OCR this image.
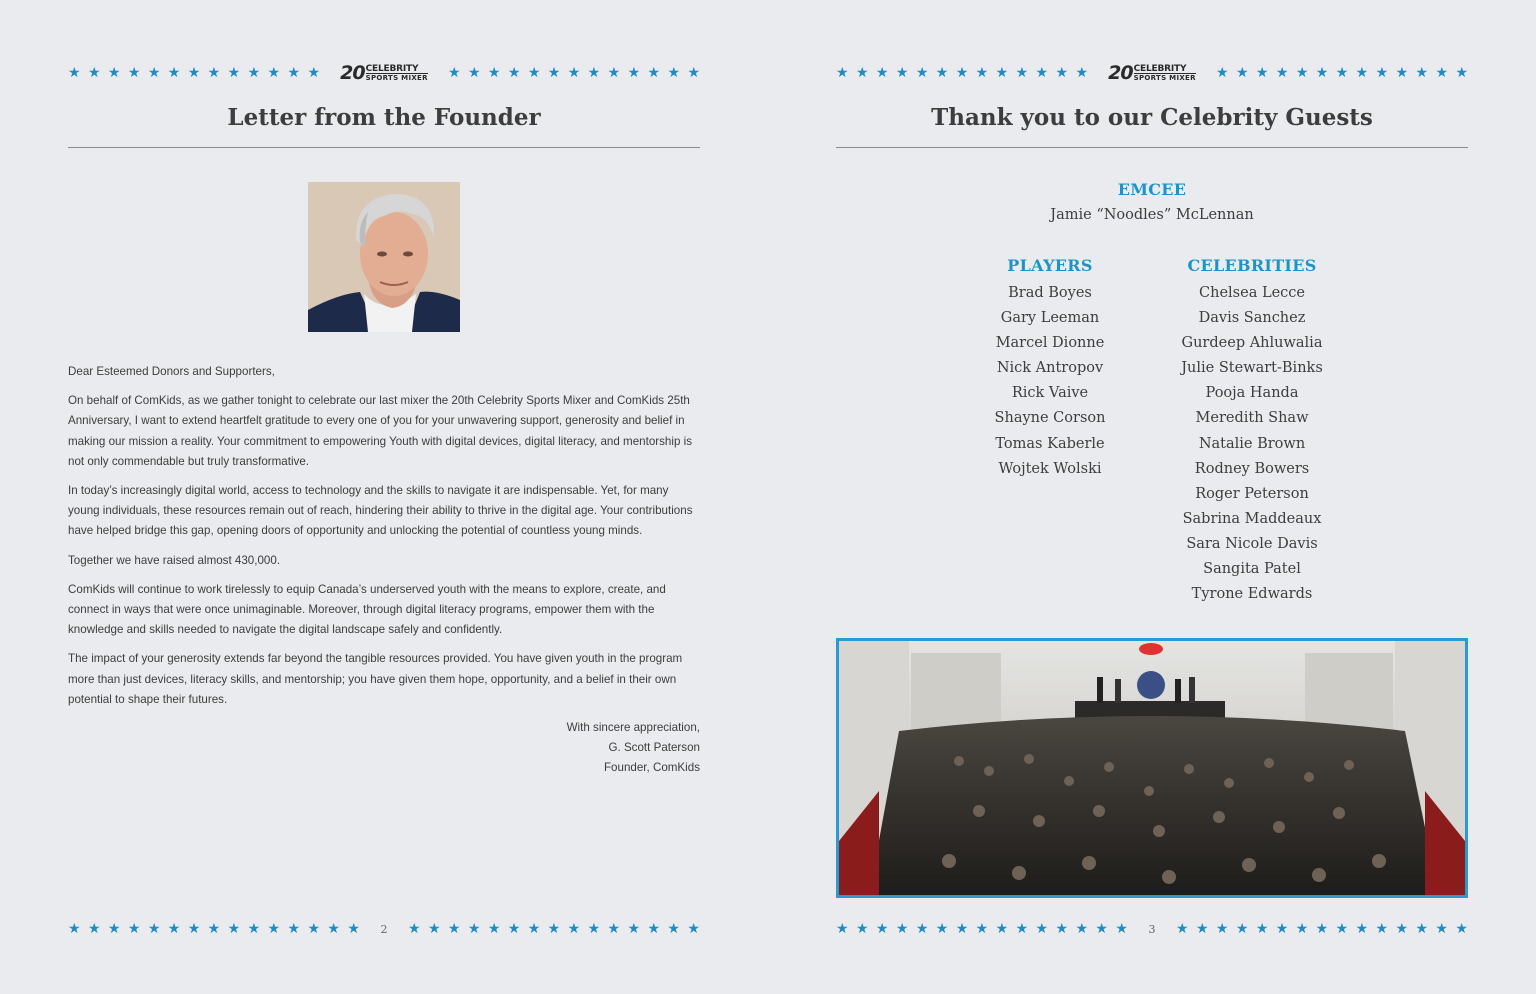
★ ★ ★ ★ ★ ★ ★ ★ ★ ★ ★ ★ ★ 20 CELEBRITY
SPORTS MIXER ★ ★ ★ ★ ★ ★ ★ ★ ★ ★ ★ ★ ★
Letter from the Founder

Dear Esteemed Donors and Supporters,

On behalf of ComKids, as we gather tonight to celebrate our last mixer the 20th Celebrity Sports Mixer and ComKids 25th Anniversary, I want to extend heartfelt gratitude to every one of you for your unwavering support, generosity and belief in making our mission a reality. Your commitment to empowering Youth with digital devices, digital literacy, and mentorship is not only commendable but truly transformative.

In today’s increasingly digital world, access to technology and the skills to navigate it are indispensable. Yet, for many young individuals, these resources remain out of reach, hindering their ability to thrive in the digital age. Your contributions have helped bridge this gap, opening doors of opportunity and unlocking the potential of countless young minds.

Together we have raised almost 430,000.

ComKids will continue to work tirelessly to equip Canada’s underserved youth with the means to explore, create, and connect in ways that were once unimaginable. Moreover, through digital literacy programs, empower them with the knowledge and skills needed to navigate the digital landscape safely and confidently.

The impact of your generosity extends far beyond the tangible resources provided. You have given youth in the program more than just devices, literacy skills, and mentorship; you have given them hope, opportunity, and a belief in their own potential to shape their futures.

With sincere appreciation,
G. Scott Paterson
Founder, ComKids
★ ★ ★ ★ ★ ★ ★ ★ ★ ★ ★ ★ ★ ★ ★	2	★ ★ ★ ★ ★ ★ ★ ★ ★ ★ ★ ★ ★ ★ ★
★ ★ ★ ★ ★ ★ ★ ★ ★ ★ ★ ★ ★ 20 CELEBRITY
SPORTS MIXER ★ ★ ★ ★ ★ ★ ★ ★ ★ ★ ★ ★ ★
Thank you to our Celebrity Guests
EMCEE
Jamie “Noodles” McLennan
PLAYERS
Brad Boyes
Gary Leeman
Marcel Dionne
Nick Antropov
Rick Vaive
Shayne Corson
Tomas Kaberle
Wojtek Wolski
CELEBRITIES
Chelsea Lecce
Davis Sanchez
Gurdeep Ahluwalia
Julie Stewart-Binks
Pooja Handa
Meredith Shaw
Natalie Brown
Rodney Bowers
Roger Peterson
Sabrina Maddeaux
Sara Nicole Davis
Sangita Patel
Tyrone Edwards
★ ★ ★ ★ ★ ★ ★ ★ ★ ★ ★ ★ ★ ★ ★	3	★ ★ ★ ★ ★ ★ ★ ★ ★ ★ ★ ★ ★ ★ ★
